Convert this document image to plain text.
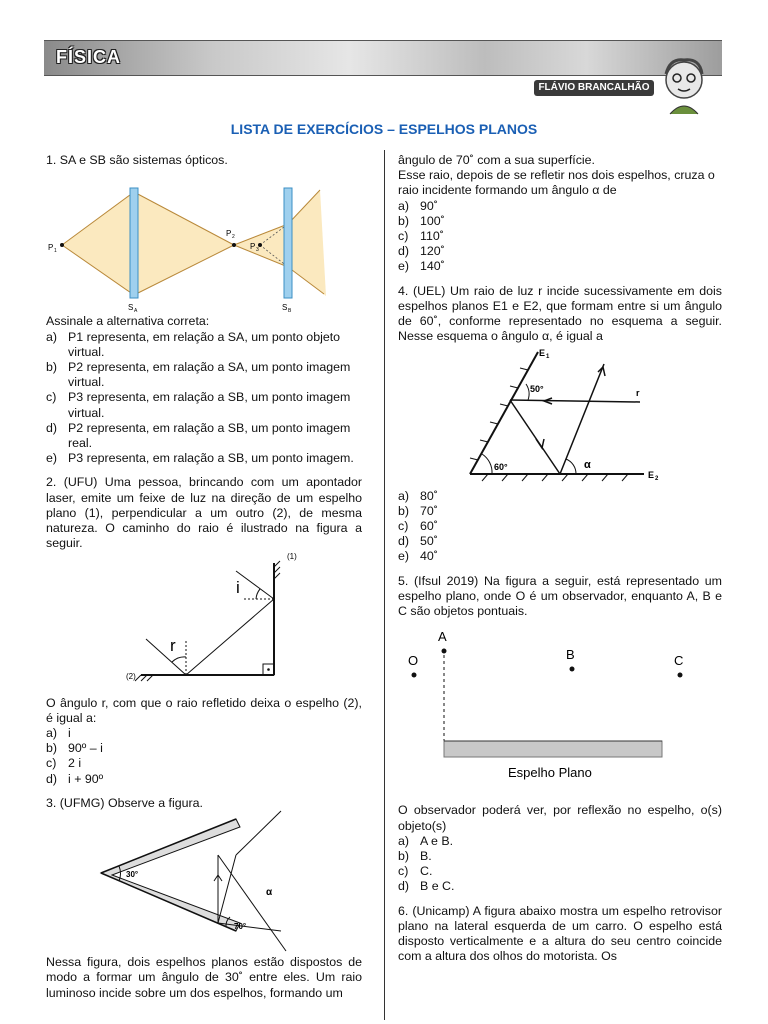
FÍSICA
FLÁVIO BRANCALHÃO
LISTA DE EXERCÍCIOS – ESPELHOS PLANOS

1. SA e SB são sistemas ópticos.

P 1
P 2
P 3
S A	S B

Assinale a alternativa correta:

a) P1 representa, em relação a SA, um ponto objeto

virtual.

b) P2 representa, em ralação a SA, um ponto imagem

virtual.

c) P3 representa, em ralação a SB, um ponto imagem

virtual.

d) P2 representa, em ralação a SB, um ponto imagem

real.

e) P3 representa, em ralação a SB, um ponto imagem.

2. (UFU) Uma pessoa, brincando com um apontador laser, emite um feixe de luz na direção de um espelho plano (1), perpendicular a um outro (2), de mesma natureza. O caminho do raio é ilustrado na figura a seguir.

(1)
(2)
i
r

O ângulo r, com que o raio refletido deixa o espelho (2), é igual a:

a) i
b) 90º – i
c) 2 i
d) i + 90º

3. (UFMG) Observe a figura.

30°
70°
α

Nessa figura, dois espelhos planos estão dispostos de modo a formar um ângulo de 30˚ entre eles. Um raio luminoso incide sobre um dos espelhos, formando um

ângulo de 70˚ com a sua superfície.

Esse raio, depois de se refletir nos dois espelhos, cruza o raio incidente formando um ângulo α de

a) 90˚
b) 100˚
c) 110˚
d) 120˚
e) 140˚

4. (UEL) Um raio de luz r incide sucessivamente em dois espelhos planos E1 e E2, que formam entre si um ângulo de 60˚, conforme representado no esquema a seguir. Nesse esquema o ângulo α, é igual a

E 1
E 2
50°
60°	α
r
a) 80˚
b) 70˚
c) 60˚
d) 50˚
e) 40˚

5. (Ifsul 2019) Na figura a seguir, está representado um espelho plano, onde O é um observador, enquanto A, B e C são objetos pontuais.

A
O	B	C
Espelho Plano

O observador poderá ver, por reflexão no espelho, o(s) objeto(s)

a) A e B.
b) B.
c) C.
d) B e C.

6. (Unicamp) A figura abaixo mostra um espelho retrovisor plano na lateral esquerda de um carro. O espelho está disposto verticalmente e a altura do seu centro coincide com a altura dos olhos do motorista. Os
